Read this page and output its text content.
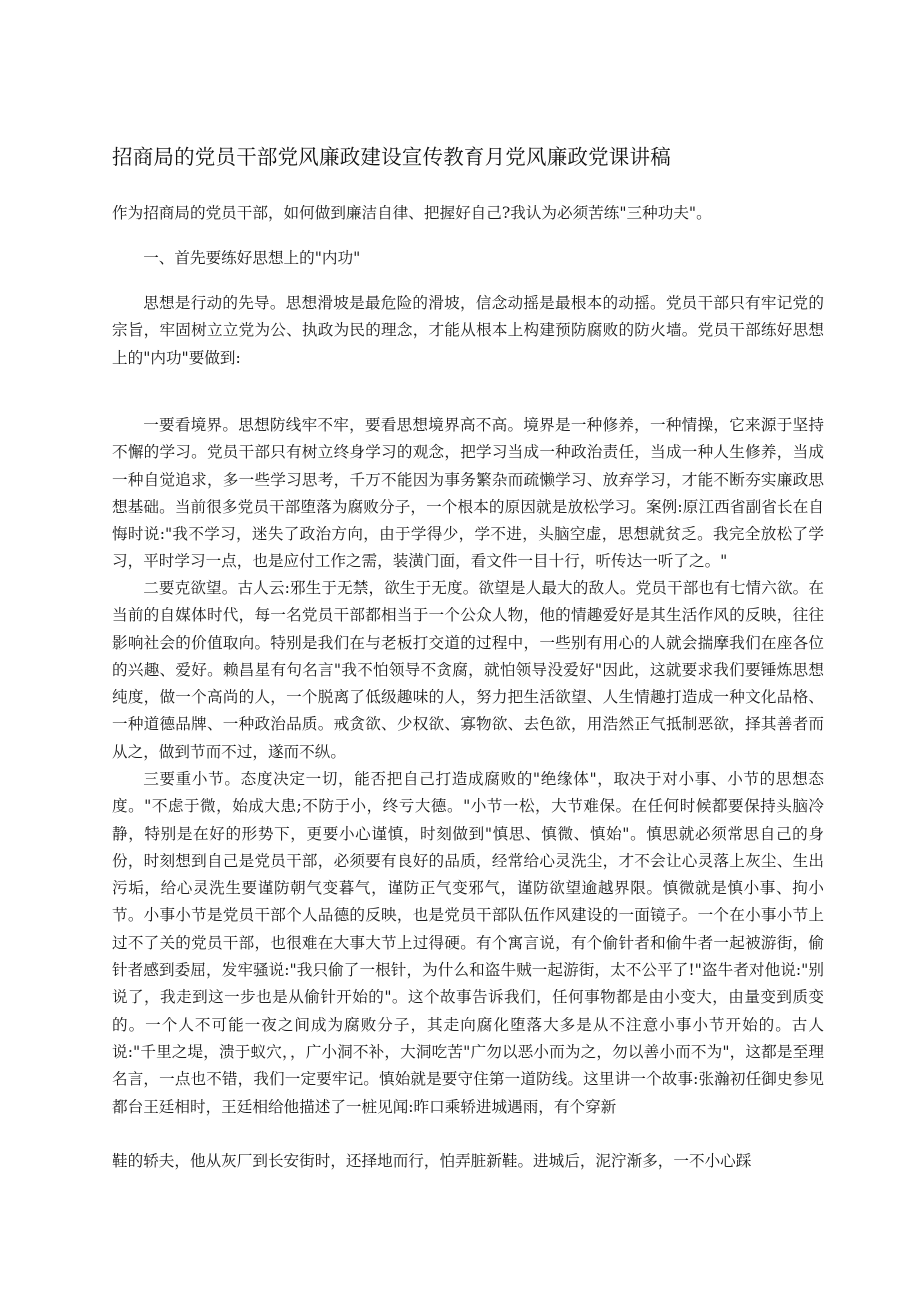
招商局的党员干部党风廉政建设宣传教育月党风廉政党课讲稿

作为招商局的党员干部，如何做到廉洁自律、把握好自己?我认为必须苦练"三种功夫"。

一、首先要练好思想上的"内功"

思想是行动的先导。思想滑坡是最危险的滑坡，信念动摇是最根本的动摇。党员干部只有牢记党的宗旨，牢固树立立党为公、执政为民的理念，才能从根本上构建预防腐败的防火墙。党员干部练好思想上的"内功"要做到:

一要看境界。思想防线牢不牢，要看思想境界高不高。境界是一种修养，一种情操，它来源于坚持不懈的学习。党员干部只有树立终身学习的观念，把学习当成一种政治责任，当成一种人生修养，当成一种自觉追求，多一些学习思考，千万不能因为事务繁杂而疏懒学习、放弃学习，才能不断夯实廉政思想基础。当前很多党员干部堕落为腐败分子，一个根本的原因就是放松学习。案例:原江西省副省长在自悔时说:"我不学习，迷失了政治方向，由于学得少，学不进，头脑空虚，思想就贫乏。我完全放松了学习，平时学习一点，也是应付工作之需，装潢门面，看文件一目十行，听传达一听了之。"

二要克欲望。古人云:邪生于无禁，欲生于无度。欲望是人最大的敌人。党员干部也有七情六欲。在当前的自媒体时代，每一名党员干部都相当于一个公众人物，他的情趣爱好是其生活作风的反映，往往影响社会的价值取向。特别是我们在与老板打交道的过程中，一些别有用心的人就会揣摩我们在座各位的兴趣、爱好。赖昌星有句名言"我不怕领导不贪腐，就怕领导没爱好"因此，这就要求我们要锤炼思想纯度，做一个高尚的人，一个脱离了低级趣味的人，努力把生活欲望、人生情趣打造成一种文化品格、一种道德品牌、一种政治品质。戒贪欲、少权欲、寡物欲、去色欲，用浩然正气抵制恶欲，择其善者而从之，做到节而不过，遂而不纵。

三要重小节。态度决定一切，能否把自己打造成腐败的"绝缘体"，取决于对小事、小节的思想态度。"不虑于微，始成大患;不防于小，终亏大德。"小节一松，大节难保。在任何时候都要保持头脑冷静，特别是在好的形势下，更要小心谨慎，时刻做到"慎思、慎微、慎始"。慎思就必须常思自己的身份，时刻想到自己是党员干部，必须要有良好的品质，经常给心灵洗尘，才不会让心灵落上灰尘、生出污垢，给心灵洗生要谨防朝气变暮气，谨防正气变邪气，谨防欲望逾越界限。慎微就是慎小事、拘小节。小事小节是党员干部个人品德的反映，也是党员干部队伍作风建设的一面镜子。一个在小事小节上过不了关的党员干部，也很难在大事大节上过得硬。有个寓言说，有个偷针者和偷牛者一起被游街，偷针者感到委屈，发牢骚说:"我只偷了一根针，为什么和盗牛贼一起游街，太不公平了!"盗牛者对他说:"别说了，我走到这一步也是从偷针开始的"。这个故事告诉我们，任何事物都是由小变大，由量变到质变的。一个人不可能一夜之间成为腐败分子，其走向腐化堕落大多是从不注意小事小节开始的。古人说:"千里之堤，溃于蚁穴，，广小洞不补，大洞吃苦"广勿以恶小而为之，勿以善小而不为"，这都是至理名言，一点也不错，我们一定要牢记。慎始就是要守住第一道防线。这里讲一个故事:张瀚初任御史参见都台王廷相时，王廷相给他描述了一桩见闻:昨口乘轿进城遇雨，有个穿新

鞋的轿夫，他从灰厂到长安街时，还择地而行，怕弄脏新鞋。进城后，泥泞渐多，一不小心踩
